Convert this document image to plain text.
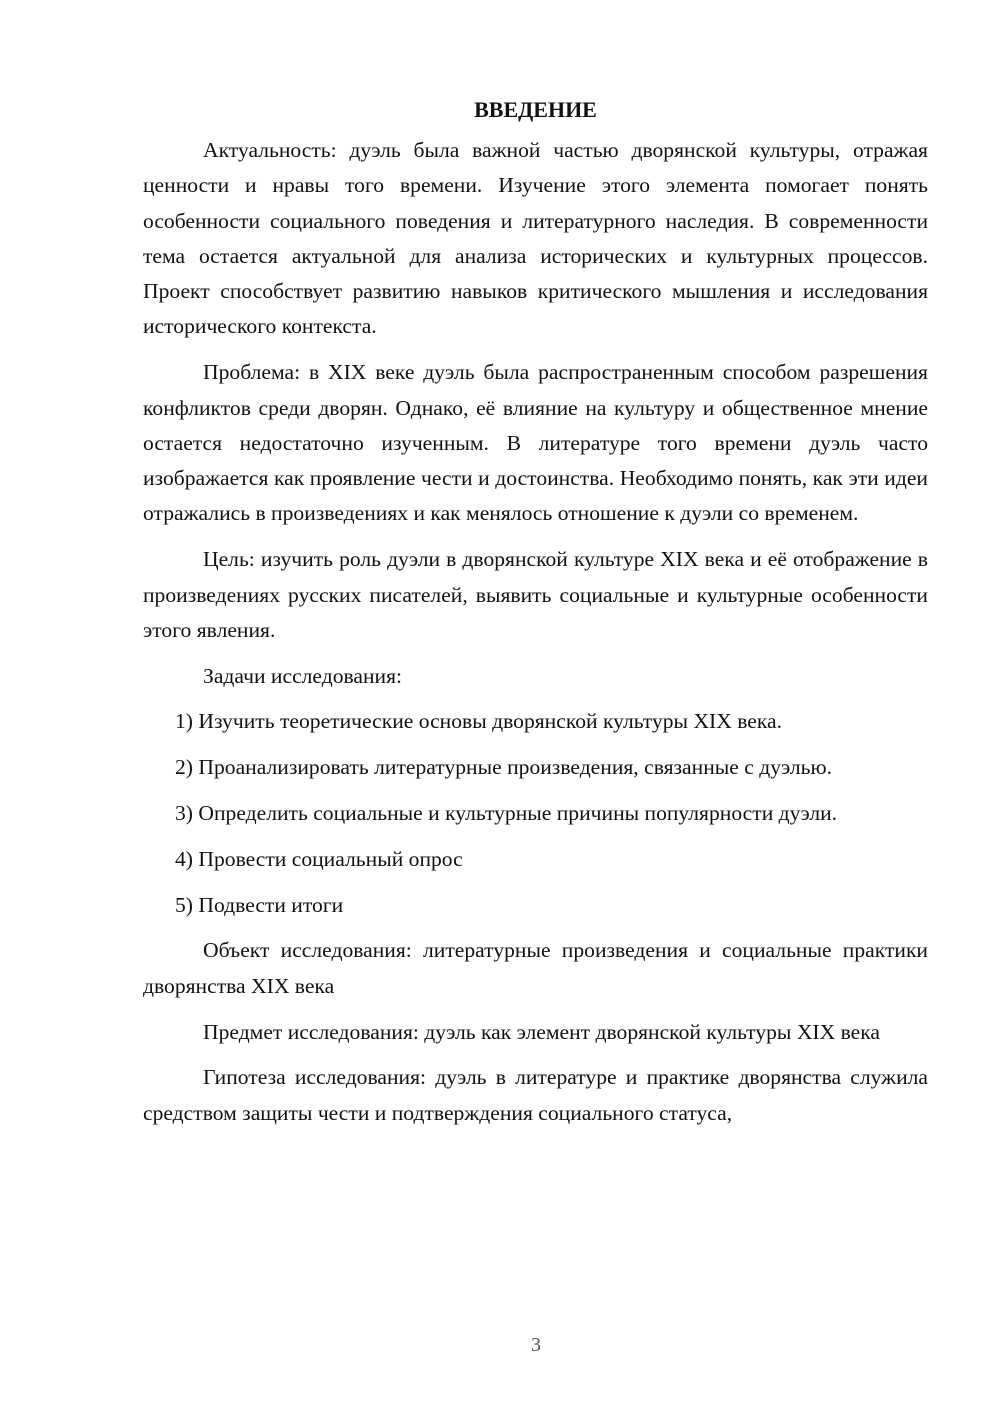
ВВЕДЕНИЕ

Актуальность: дуэль была важной частью дворянской культуры, отражая ценности и нравы того времени. Изучение этого элемента помогает понять особенности социального поведения и литературного наследия. В современности тема остается актуальной для анализа исторических и культурных процессов. Проект способствует развитию навыков критического мышления и исследования исторического контекста.

Проблема: в XIX веке дуэль была распространенным способом разрешения конфликтов среди дворян. Однако, её влияние на культуру и общественное мнение остается недостаточно изученным. В литературе того времени дуэль часто изображается как проявление чести и достоинства. Необходимо понять, как эти идеи отражались в произведениях и как менялось отношение к дуэли со временем.

Цель: изучить роль дуэли в дворянской культуре XIX века и её отображение в произведениях русских писателей, выявить социальные и культурные особенности этого явления.

Задачи исследования:

1) Изучить теоретические основы дворянской культуры XIX века.

2) Проанализировать литературные произведения, связанные с дуэлью.

3) Определить социальные и культурные причины популярности дуэли.

4) Провести социальный опрос

5) Подвести итоги

Объект исследования: литературные произведения и социальные практики дворянства XIX века

Предмет исследования: дуэль как элемент дворянской культуры XIX века

Гипотеза исследования: дуэль в литературе и практике дворянства служила средством защиты чести и подтверждения социального статуса,

3
